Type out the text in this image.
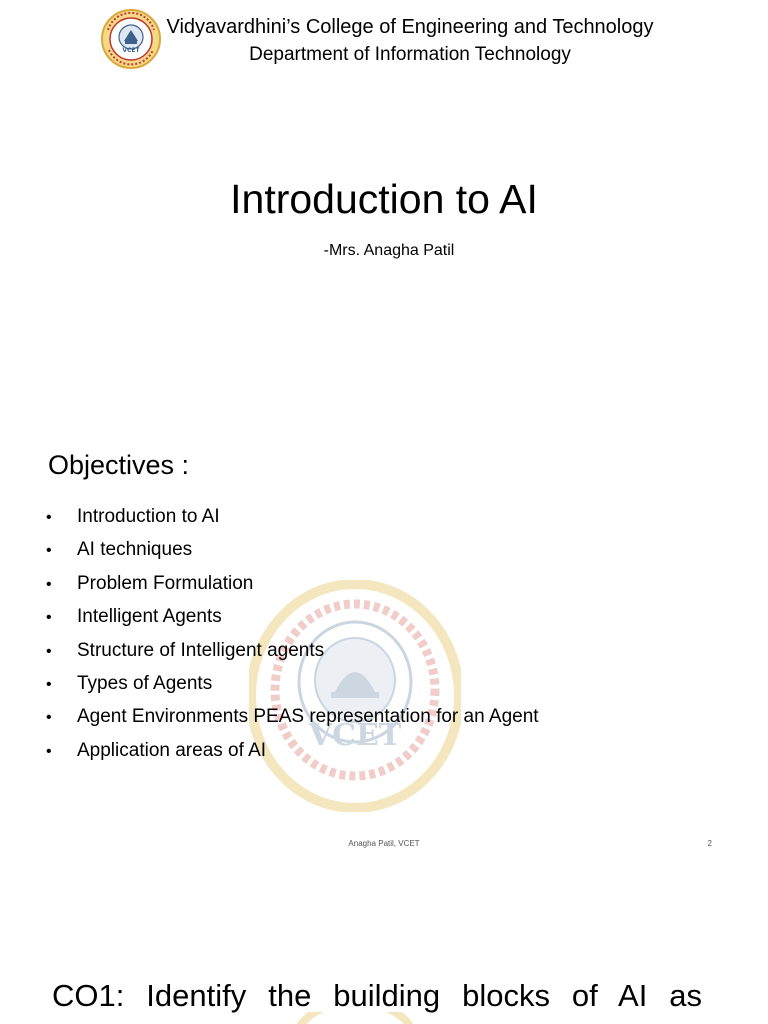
VCET
Vidyavardhini’s College of Engineering and Technology
Department of Information Technology
Introduction to AI
-Mrs. Anagha Patil
VCET
Objectives :
•	Introduction to AI
•	AI techniques
•	Problem Formulation
•	Intelligent Agents
•	Structure of Intelligent agents
•	Types of Agents
•	Agent Environments PEAS representation for an Agent
•	Application areas of AI
Anagha Patil, VCET	2
CO1: Identify the building blocks of AI as
